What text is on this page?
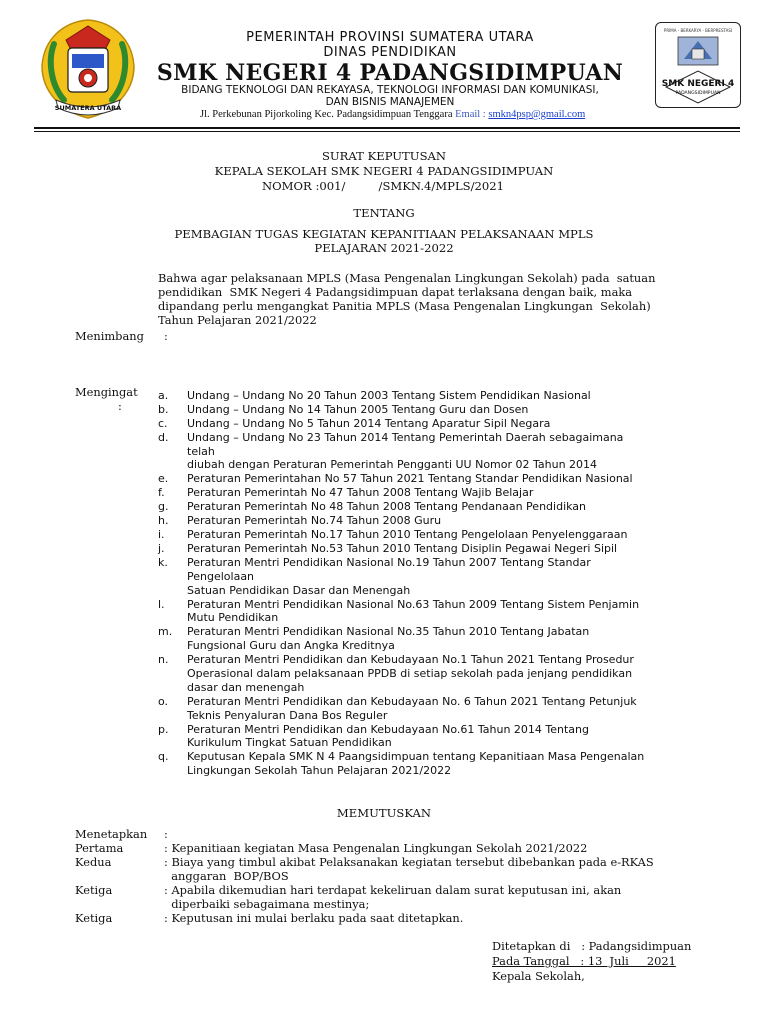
SUMATERA UTARA
PRIMA - BERKARYA - BERPRESTASI
SMK NEGERI 4
PADANGSIDIMPUAN
PEMERINTAH PROVINSI SUMATERA UTARA
DINAS PENDIDIKAN
SMK NEGERI 4 PADANGSIDIMPUAN
BIDANG TEKNOLOGI DAN REKAYASA, TEKNOLOGI INFORMASI DAN KOMUNIKASI,
DAN BISNIS MANAJEMEN
Jl. Perkebunan Pijorkoling Kec. Padangsidimpuan Tenggara Email : smkn4psp@gmail.com
SURAT KEPUTUSAN
KEPALA SEKOLAH SMK NEGERI 4 PADANGSIDIMPUAN
NOMOR :001/         /SMKN.4/MPLS/2021
TENTANG
PEMBAGIAN TUGAS KEGIATAN KEPANITIAAN PELAKSANAAN MPLS
PELAJARAN 2021-2022
Bahwa agar pelaksanaan MPLS (Masa Pengenalan Lingkungan Sekolah) pada  satuan
pendidikan  SMK Negeri 4 Padangsidimpuan dapat terlaksana dengan baik, maka
dipandang perlu mengangkat Panitia MPLS (Masa Pengenalan Lingkungan  Sekolah)
Tahun Pelajaran 2021/2022
Menimbang :
Mengingat
:
a. Undang – Undang No 20 Tahun 2003 Tentang Sistem Pendidikan Nasional
b. Undang – Undang No 14 Tahun 2005 Tentang Guru dan Dosen
c. Undang – Undang No 5 Tahun 2014 Tentang Aparatur Sipil Negara
d. Undang – Undang No 23 Tahun 2014 Tentang Pemerintah Daerah sebagaimana
telah
diubah dengan Peraturan Pemerintah Pengganti UU Nomor 02 Tahun 2014
e. Peraturan Pemerintahan No 57 Tahun 2021 Tentang Standar Pendidikan Nasional
f. Peraturan Pemerintah No 47 Tahun 2008 Tentang Wajib Belajar
g. Peraturan Pemerintah No 48 Tahun 2008 Tentang Pendanaan Pendidikan
h. Peraturan Pemerintah No.74 Tahun 2008 Guru
i. Peraturan Pemerintah No.17 Tahun 2010 Tentang Pengelolaan Penyelenggaraan
j. Peraturan Pemerintah No.53 Tahun 2010 Tentang Disiplin Pegawai Negeri Sipil
k. Peraturan Mentri Pendidikan Nasional No.19 Tahun 2007 Tentang Standar
Pengelolaan
Satuan Pendidikan Dasar dan Menengah
l. Peraturan Mentri Pendidikan Nasional No.63 Tahun 2009 Tentang Sistem Penjamin
Mutu Pendidikan
m. Peraturan Mentri Pendidikan Nasional No.35 Tahun 2010 Tentang Jabatan
Fungsional Guru dan Angka Kreditnya
n. Peraturan Mentri Pendidikan dan Kebudayaan No.1 Tahun 2021 Tentang Prosedur
Operasional dalam pelaksanaan PPDB di setiap sekolah pada jenjang pendidikan
dasar dan menengah
o. Peraturan Mentri Pendidikan dan Kebudayaan No. 6 Tahun 2021 Tentang Petunjuk
Teknis Penyaluran Dana Bos Reguler
p. Peraturan Mentri Pendidikan dan Kebudayaan No.61 Tahun 2014 Tentang
Kurikulum Tingkat Satuan Pendidikan
q. Keputusan Kepala SMK N 4 Paangsidimpuan tentang Kepanitiaan Masa Pengenalan
Lingkungan Sekolah Tahun Pelajaran 2021/2022
MEMUTUSKAN
Menetapkan :
Pertama	: Kepanitiaan kegiatan Masa Pengenalan Lingkungan Sekolah 2021/2022
Kedua	: Biaya yang timbul akibat Pelaksanakan kegiatan tersebut dibebankan pada e-RKAS
anggaran  BOP/BOS
Ketiga	: Apabila dikemudian hari terdapat kekeliruan dalam surat keputusan ini, akan
diperbaiki sebagaimana mestinya;
Ketiga	: Keputusan ini mulai berlaku pada saat ditetapkan.
Ditetapkan di   : Padangsidimpuan
Pada Tanggal   : 13  Juli     2021
Kepala Sekolah,
